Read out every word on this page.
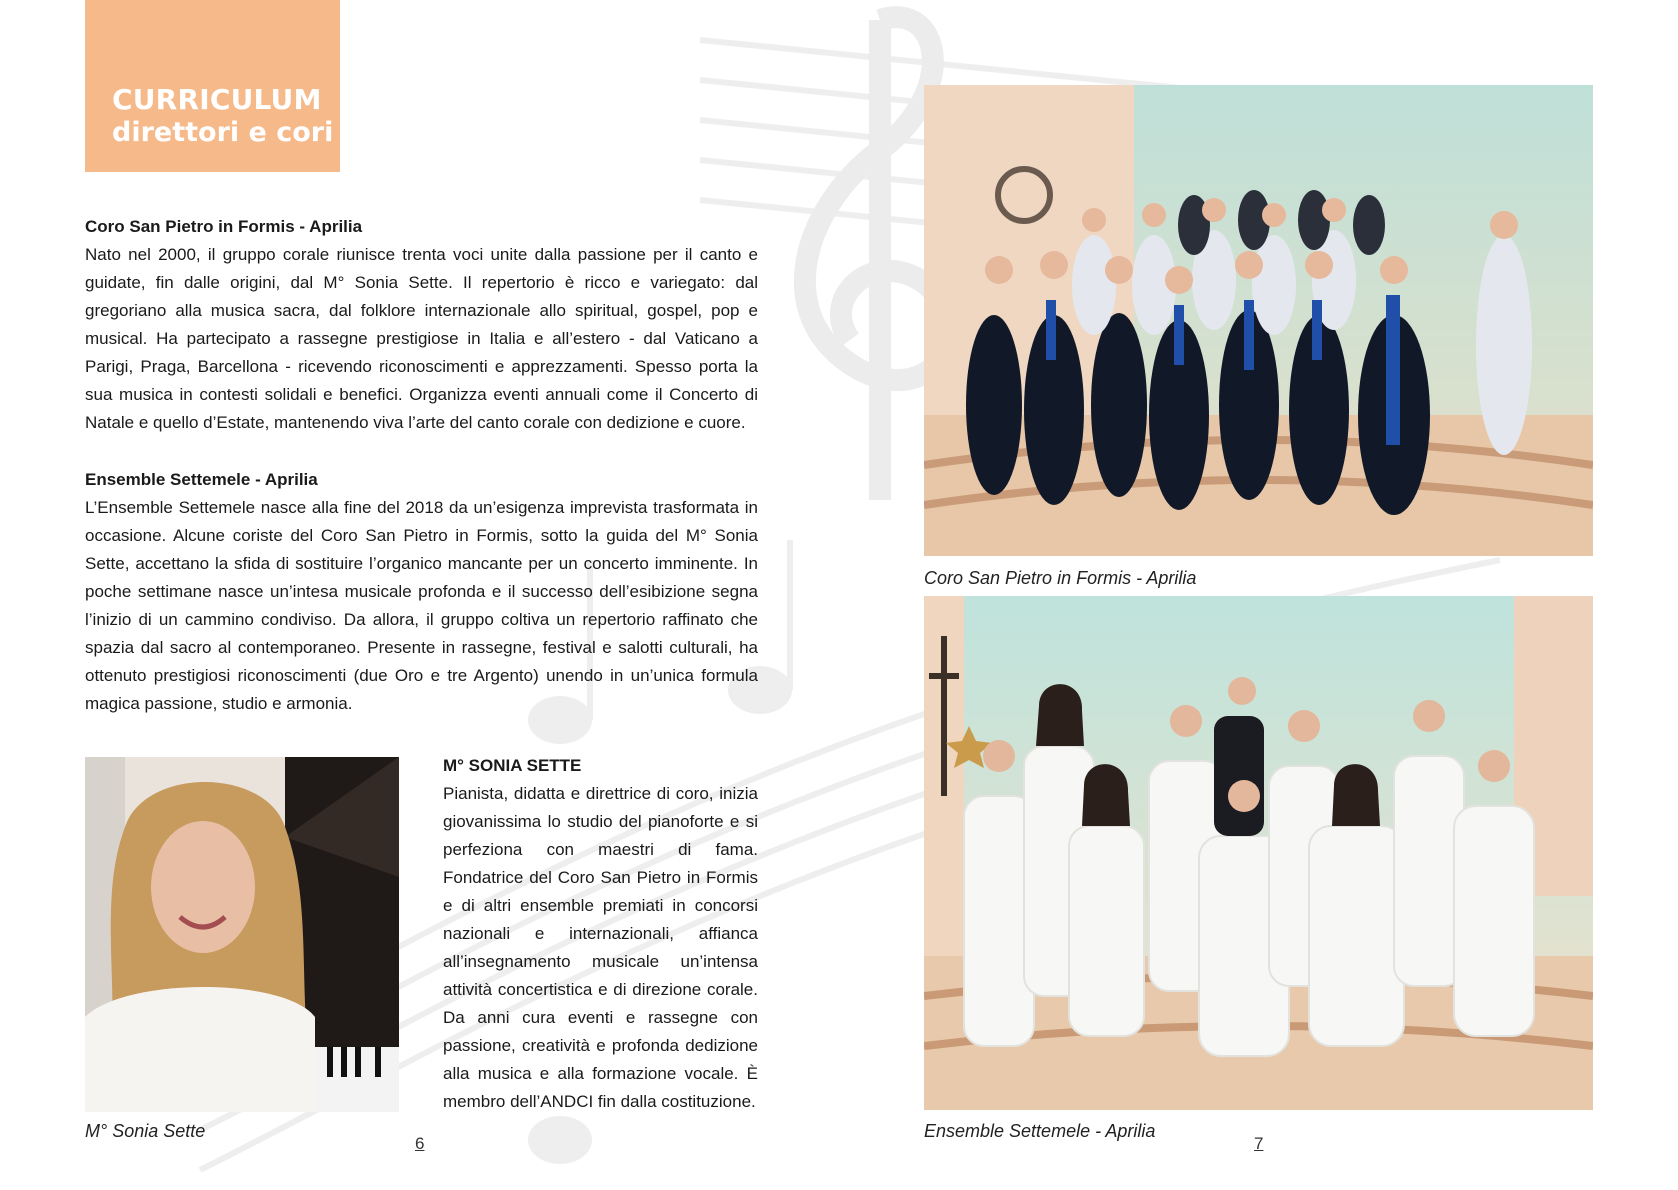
CURRICULUM
direttori e cori
Coro San Pietro in Formis - Aprilia

Nato nel 2000, il gruppo corale riunisce trenta voci unite dalla passione per il canto e guidate, fin dalle origini, dal M° Sonia Sette. Il repertorio è ricco e variegato: dal gregoriano alla musica sacra, dal folklore internazionale allo spiritual, gospel, pop e musical. Ha partecipato a rassegne prestigiose in Italia e all’estero - dal Vaticano a Parigi, Praga, Barcellona - ricevendo riconoscimenti e apprezzamenti. Spesso porta la sua musica in contesti solidali e benefici. Organizza eventi annuali come il Concerto di Natale e quello d’Estate, mantenendo viva l’arte del canto corale con dedizione e cuore.

Ensemble Settemele - Aprilia

L’Ensemble Settemele nasce alla fine del 2018 da un’esigenza imprevista trasformata in occasione. Alcune coriste del Coro San Pietro in Formis, sotto la guida del M° Sonia Sette, accettano la sfida di sostituire l’organico mancante per un concerto imminente. In poche settimane nasce un’intesa musicale profonda e il successo dell’esibizione segna l’inizio di un cammino condiviso. Da allora, il gruppo coltiva un repertorio raffinato che spazia dal sacro al contemporaneo. Presente in rassegne, festival e salotti culturali, ha ottenuto prestigiosi riconoscimenti (due Oro e tre Argento) unendo in un’unica formula magica passione, studio e armonia.

M° Sonia Sette
M° SONIA SETTE

Pianista, didatta e direttrice di coro, inizia giovanissima lo studio del pianoforte e si perfeziona con maestri di fama. Fondatrice del Coro San Pietro in Formis e di altri ensemble premiati in concorsi nazionali e internazionali, affianca all’insegnamento musicale un’intensa attività concertistica e di direzione corale. Da anni cura eventi e rassegne con passione, creatività e profonda dedizione alla musica e alla formazione vocale. È membro dell’ANDCI fin dalla costituzione.

6
Coro San Pietro in Formis - Aprilia
Ensemble Settemele - Aprilia
7
